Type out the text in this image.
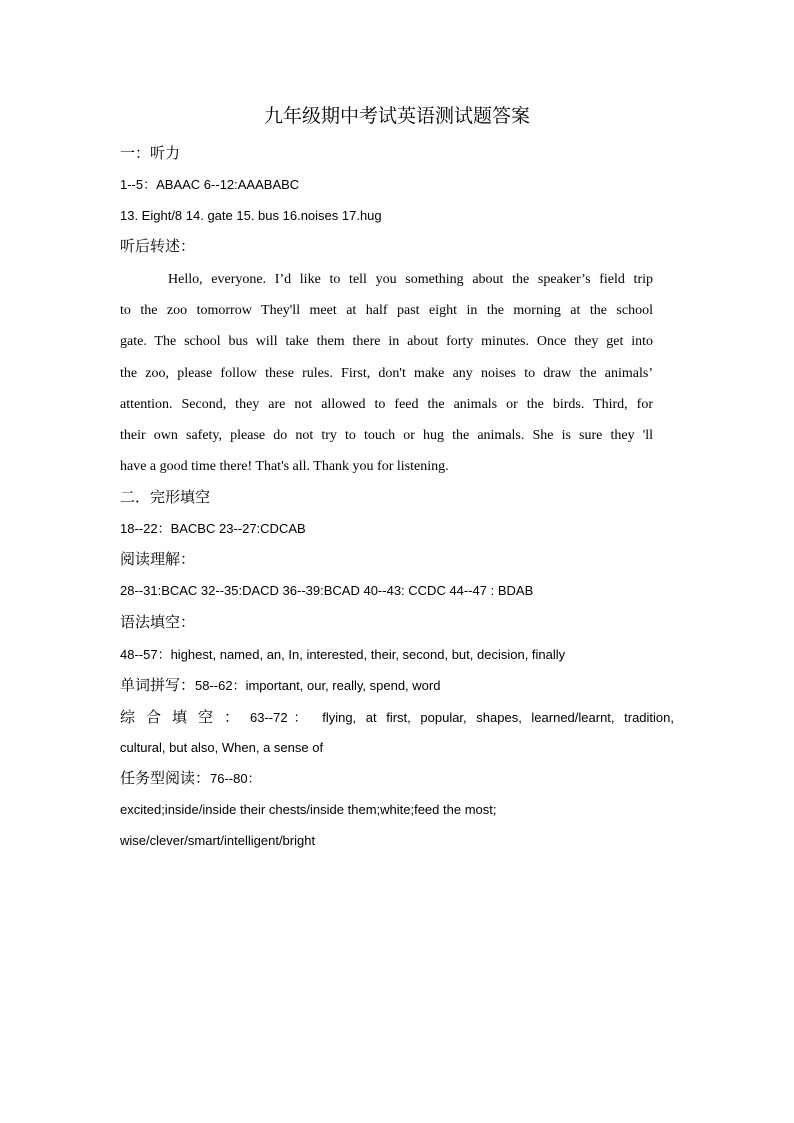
九年级期中考试英语测试题答案
一：听力
1--5：ABAAC 6--12:AAABABC
13. Eight/8 14. gate 15. bus 16.noises 17.hug
听后转述：
Hello, everyone. I’d like to tell you something about the speaker’s field trip
to the zoo tomorrow They'll meet at half past eight in the morning at the school
gate. The school bus will take them there in about forty minutes. Once they get into
the zoo, please follow these rules. First, don't make any noises to draw the animals’
attention. Second, they are not allowed to feed the animals or the birds. Third, for
their own safety, please do not try to touch or hug the animals. She is sure they 'll
have a good time there! That's all. Thank you for listening.
二．完形填空
18--22：BACBC 23--27:CDCAB
阅读理解：
28--31:BCAC 32--35:DACD 36--39:BCAD 40--43: CCDC 44--47 : BDAB
语法填空：
48--57：highest, named, an, In, interested, their, second, but, decision, finally
单词拼写：58--62：important, our, really, spend, word
综合填空：63--72： flying, at first, popular, shapes, learned/learnt, tradition,
cultural, but also, When, a sense of
任务型阅读：76--80：
excited;inside/inside their chests/inside them;white;feed the most;
wise/clever/smart/intelligent/bright
